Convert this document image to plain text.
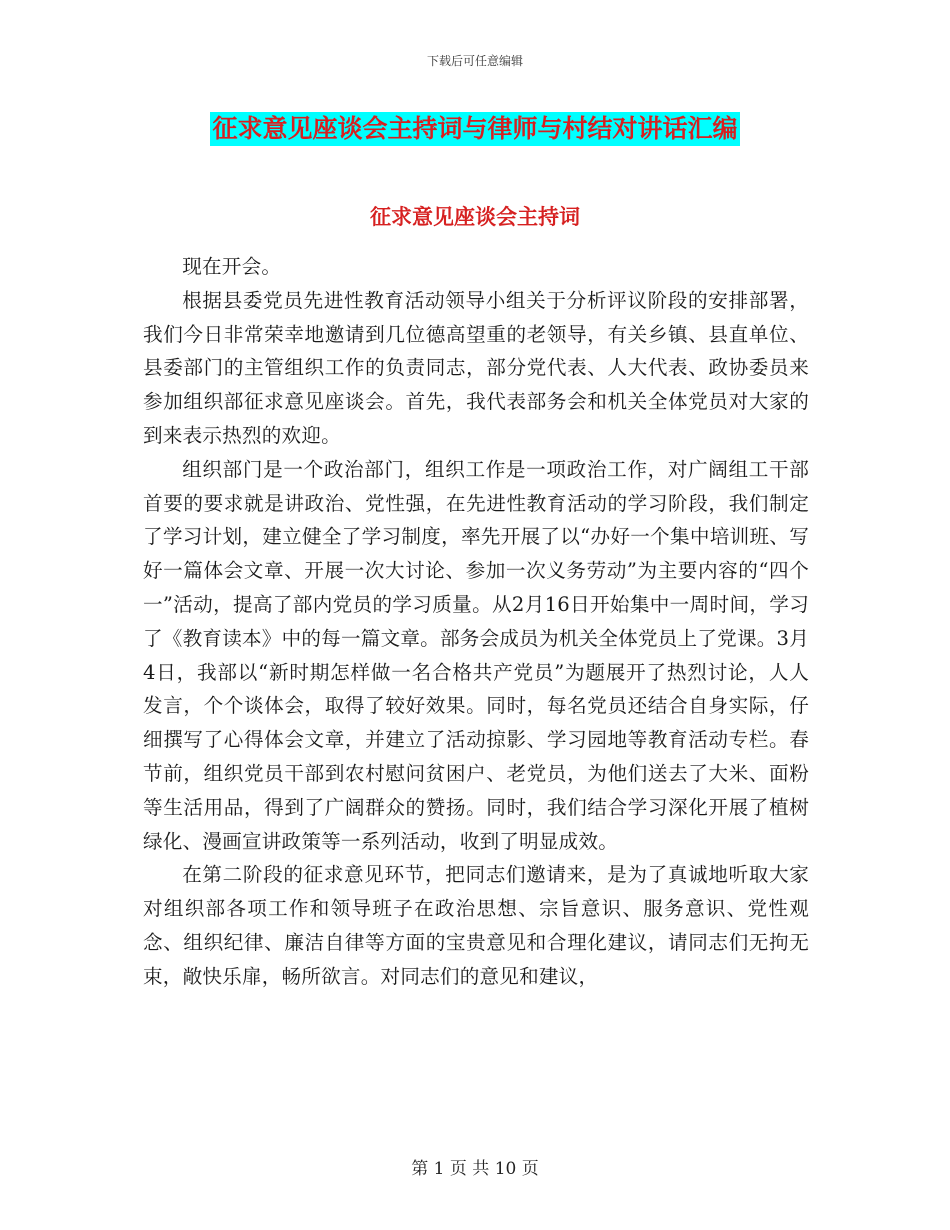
下载后可任意编辑
征求意见座谈会主持词与律师与村结对讲话汇编
征求意见座谈会主持词

现在开会。

根据县委党员先进性教育活动领导小组关于分析评议阶段的安排部署，我们今日非常荣幸地邀请到几位德高望重的老领导，有关乡镇、县直单位、县委部门的主管组织工作的负责同志，部分党代表、人大代表、政协委员来参加组织部征求意见座谈会。首先，我代表部务会和机关全体党员对大家的到来表示热烈的欢迎。

组织部门是一个政治部门，组织工作是一项政治工作，对广阔组工干部首要的要求就是讲政治、党性强，在先进性教育活动的学习阶段，我们制定了学习计划，建立健全了学习制度，率先开展了以“办好一个集中培训班、写好一篇体会文章、开展一次大讨论、参加一次义务劳动”为主要内容的“四个一”活动，提高了部内党员的学习质量。从2月16日开始集中一周时间，学习了《教育读本》中的每一篇文章。部务会成员为机关全体党员上了党课。3月4日，我部以“新时期怎样做一名合格共产党员”为题展开了热烈讨论，人人发言，个个谈体会，取得了较好效果。同时，每名党员还结合自身实际，仔细撰写了心得体会文章，并建立了活动掠影、学习园地等教育活动专栏。春节前，组织党员干部到农村慰问贫困户、老党员，为他们送去了大米、面粉等生活用品，得到了广阔群众的赞扬。同时，我们结合学习深化开展了植树绿化、漫画宣讲政策等一系列活动，收到了明显成效。

在第二阶段的征求意见环节，把同志们邀请来，是为了真诚地听取大家对组织部各项工作和领导班子在政治思想、宗旨意识、服务意识、党性观念、组织纪律、廉洁自律等方面的宝贵意见和合理化建议，请同志们无拘无束，敞快乐扉，畅所欲言。对同志们的意见和建议，

第 1 页 共 10 页
